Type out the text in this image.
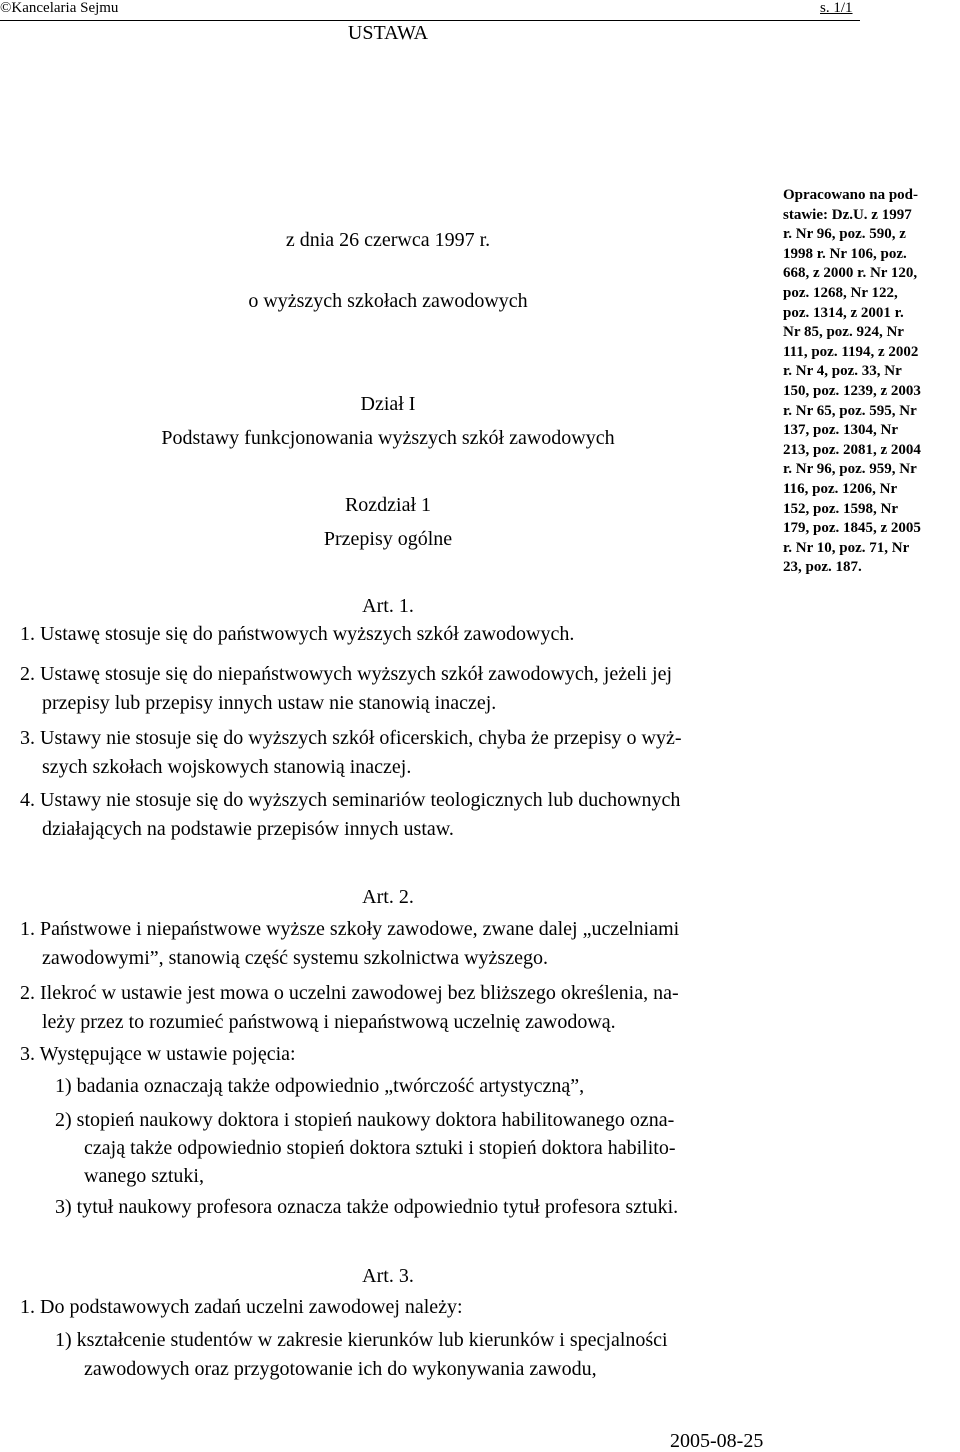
©Kancelaria Sejmu	s. 1/1
USTAWA
z dnia 26 czerwca 1997 r.
o wyższych szkołach zawodowych
Dział I
Podstawy funkcjonowania wyższych szkół zawodowych
Rozdział 1
Przepisy ogólne
Art. 1.
1. Ustawę stosuje się do państwowych wyższych szkół zawodowych.
2. Ustawę stosuje się do niepaństwowych wyższych szkół zawodowych, jeżeli jej
przepisy lub przepisy innych ustaw nie stanowią inaczej.
3. Ustawy nie stosuje się do wyższych szkół oficerskich, chyba że przepisy o wyż-
szych szkołach wojskowych stanowią inaczej.
4. Ustawy nie stosuje się do wyższych seminariów teologicznych lub duchownych
działających na podstawie przepisów innych ustaw.
Art. 2.
1. Państwowe i niepaństwowe wyższe szkoły zawodowe, zwane dalej „uczelniami
zawodowymi”, stanowią część systemu szkolnictwa wyższego.
2. Ilekroć w ustawie jest mowa o uczelni zawodowej bez bliższego określenia, na-
leży przez to rozumieć państwową i niepaństwową uczelnię zawodową.
3. Występujące w ustawie pojęcia:
1) badania oznaczają także odpowiednio „twórczość artystyczną”,
2) stopień naukowy doktora i stopień naukowy doktora habilitowanego ozna-
czają także odpowiednio stopień doktora sztuki i stopień doktora habilito-
wanego sztuki,
3) tytuł naukowy profesora oznacza także odpowiednio tytuł profesora sztuki.
Art. 3.
1. Do podstawowych zadań uczelni zawodowej należy:
1) kształcenie studentów w zakresie kierunków lub kierunków i specjalności
zawodowych oraz przygotowanie ich do wykonywania zawodu,
Opracowano na pod-
stawie: Dz.U. z 1997
r. Nr 96, poz. 590, z
1998 r. Nr 106, poz.
668, z 2000 r. Nr 120,
poz. 1268, Nr 122,
poz. 1314, z 2001 r.
Nr 85, poz. 924, Nr
111, poz. 1194, z 2002
r. Nr 4, poz. 33, Nr
150, poz. 1239, z 2003
r. Nr 65, poz. 595, Nr
137, poz. 1304, Nr
213, poz. 2081, z 2004
r. Nr 96, poz. 959, Nr
116, poz. 1206, Nr
152, poz. 1598, Nr
179, poz. 1845, z 2005
r. Nr 10, poz. 71, Nr
23, poz. 187.
2005-08-25
